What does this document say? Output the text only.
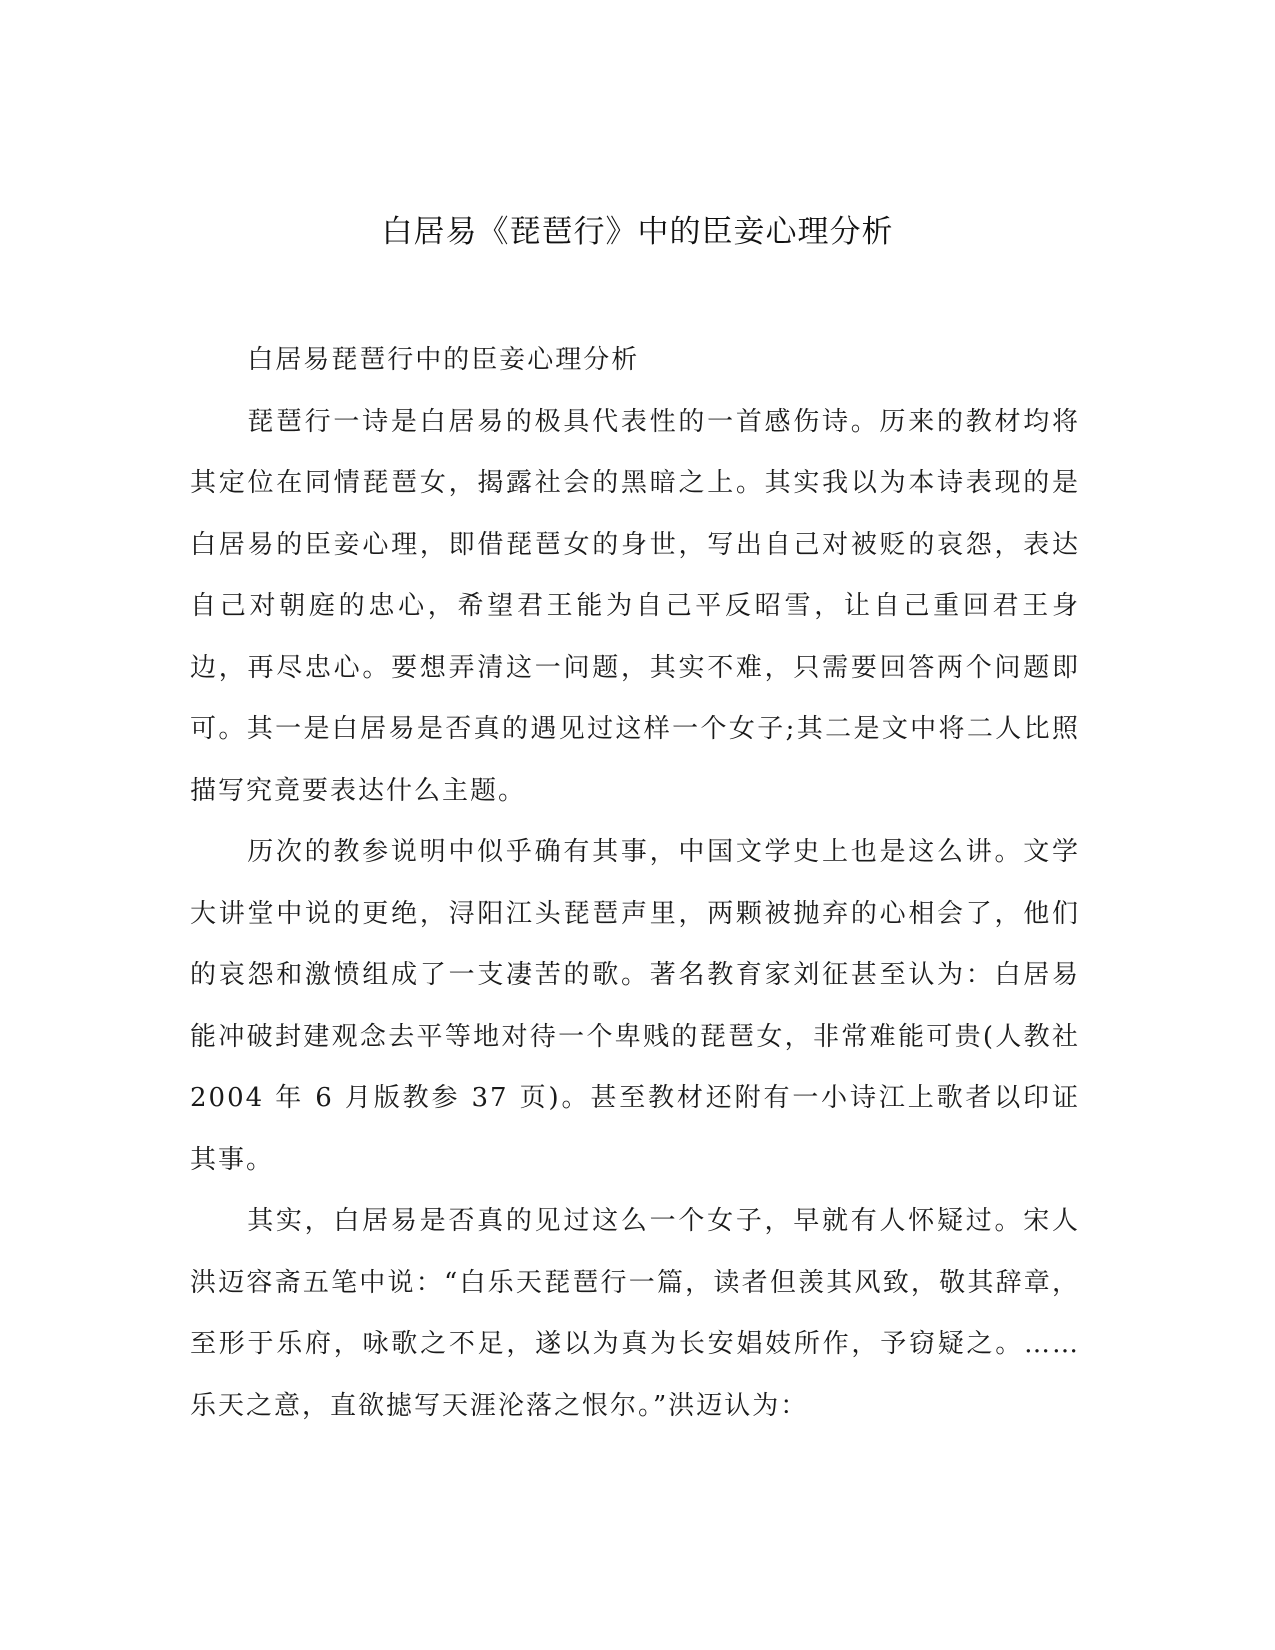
白居易《琵琶行》中的臣妾心理分析

白居易琵琶行中的臣妾心理分析

琵琶行一诗是白居易的极具代表性的一首感伤诗。历来的教材均将其定位在同情琵琶女，揭露社会的黑暗之上。其实我以为本诗表现的是白居易的臣妾心理，即借琵琶女的身世，写出自己对被贬的哀怨，表达自己对朝庭的忠心，希望君王能为自己平反昭雪，让自己重回君王身边，再尽忠心。要想弄清这一问题，其实不难，只需要回答两个问题即可。其一是白居易是否真的遇见过这样一个女子;其二是文中将二人比照描写究竟要表达什么主题。

历次的教参说明中似乎确有其事，中国文学史上也是这么讲。文学大讲堂中说的更绝，浔阳江头琵琶声里，两颗被抛弃的心相会了，他们的哀怨和激愤组成了一支凄苦的歌。著名教育家刘征甚至认为：白居易能冲破封建观念去平等地对待一个卑贱的琵琶女，非常难能可贵(人教社 2004 年 6 月版教参 37 页)。甚至教材还附有一小诗江上歌者以印证其事。

其实，白居易是否真的见过这么一个女子，早就有人怀疑过。宋人洪迈容斋五笔中说：“白乐天琵琶行一篇，读者但羡其风致，敬其辞章，至形于乐府，咏歌之不足，遂以为真为长安娼妓所作，予窃疑之。……乐天之意，直欲摅写天涯沦落之恨尔。”洪迈认为：
